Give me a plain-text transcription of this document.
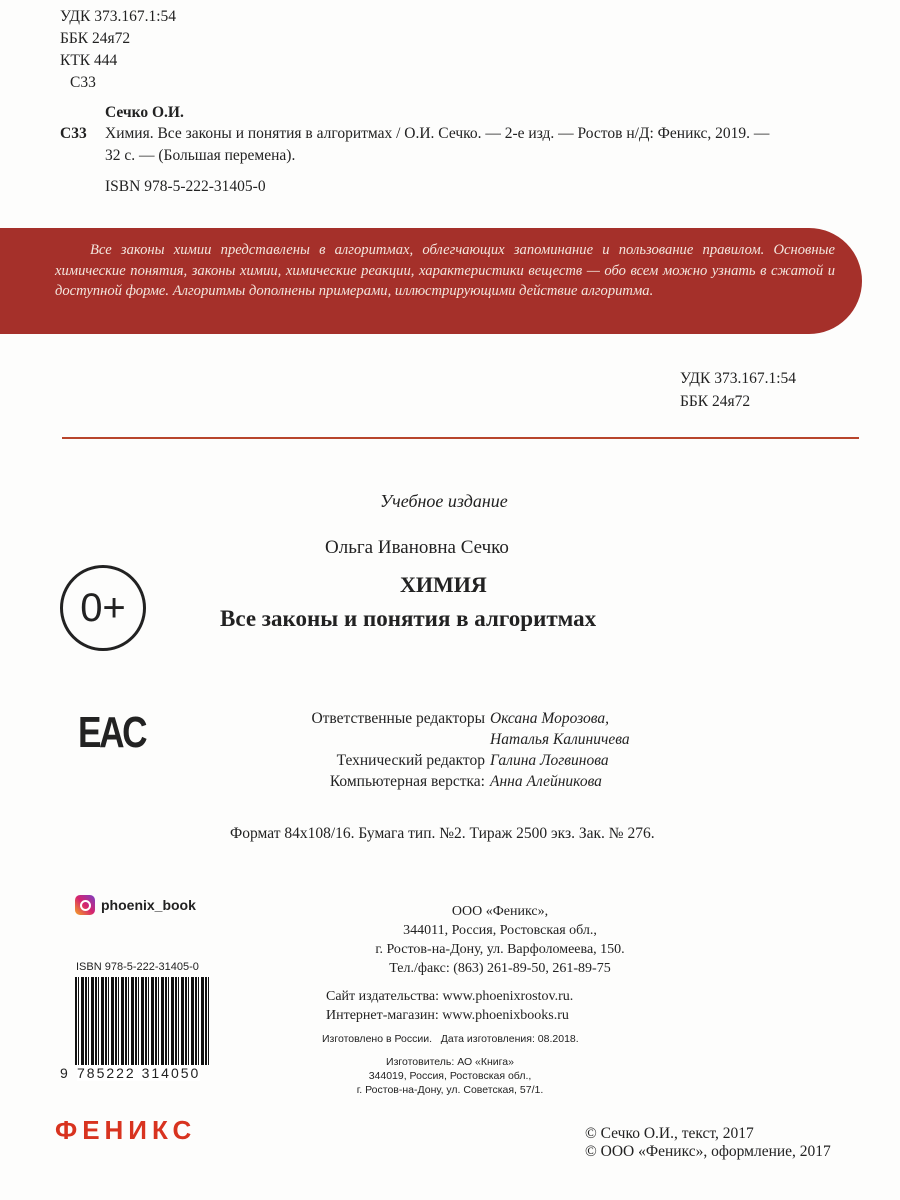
УДК 373.167.1:54
ББК 24я72
КТК 444
С33
Сечко О.И.
С33 Химия. Все законы и понятия в алгоритмах / О.И. Сечко. — 2-е изд. — Ростов н/Д: Феникс, 2019. —
32 с. — (Большая перемена).
ISBN 978-5-222-31405-0

Все законы химии представлены в алгоритмах, облегчающих запоминание и пользование правилом. Основные химические понятия, законы химии, химические реакции, характеристики веществ — обо всем можно узнать в сжатой и доступной форме. Алгоритмы дополнены примерами, иллюстрирующими действие алгоритма.

УДК 373.167.1:54
ББК 24я72
Учебное издание
Ольга Ивановна Сечко
ХИМИЯ
Все законы и понятия в алгоритмах
0+
EAC	Ответственные редакторы Оксана Морозова,
Наталья Калиничева
Технический редактор Галина Логвинова
Компьютерная верстка: Анна Алейникова
Формат 84x108/16. Бумага тип. №2. Тираж 2500 экз. Зак. № 276.
phoenix_book
ISBN 978-5-222-31405-0
9 785222 314050
ООО «Феникс»,
344011, Россия, Ростовская обл.,
г. Ростов-на-Дону, ул. Варфоломеева, 150.
Тел./факс: (863) 261-89-50, 261-89-75
Сайт издательства: www.phoenixrostov.ru.
Интернет-магазин: www.phoenixbooks.ru
Изготовлено в России.   Дата изготовления: 08.2018.
Изготовитель: АО «Книга»
344019, Россия, Ростовская обл.,
г. Ростов-на-Дону, ул. Советская, 57/1.
ФЕНИКС	© Сечко О.И., текст, 2017
© ООО «Феникс», оформление, 2017
